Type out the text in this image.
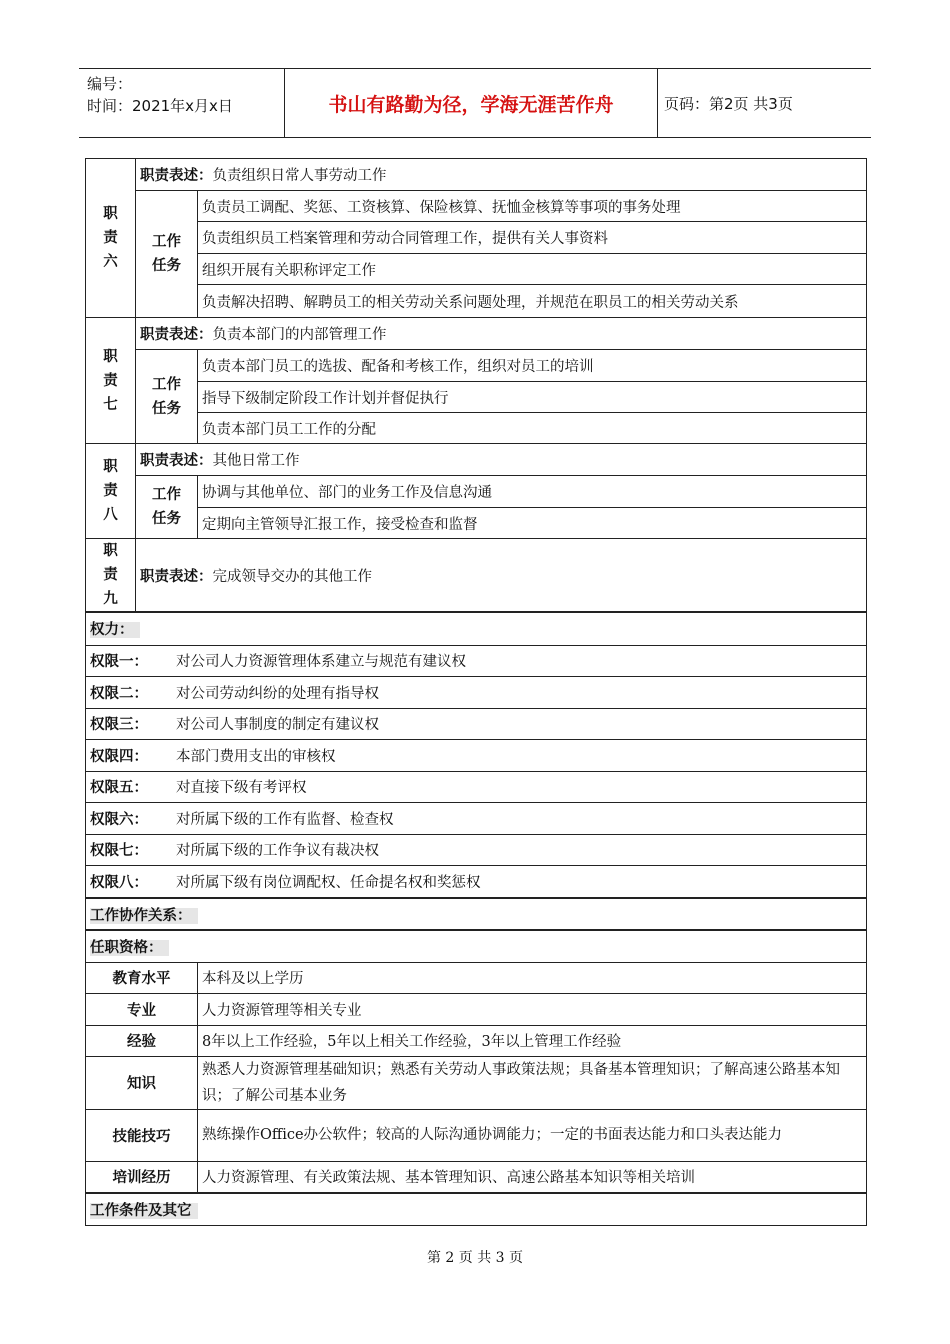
编号：
时间：2021年x月x日	书山有路勤为径，学海无涯苦作舟	页码：第2页 共3页
职
责
六	职责表述：负责组织日常人事劳动工作	
	工作
任务	负责员工调配、奖惩、工资核算、保险核算、抚恤金核算等事项的事务处理
		负责组织员工档案管理和劳动合同管理工作，提供有关人事资料
		组织开展有关职称评定工作
		负责解决招聘、解聘员工的相关劳动关系问题处理，并规范在职员工的相关劳动关系
职
责
七	职责表述：负责本部门的内部管理工作	
	工作
任务	负责本部门员工的选拔、配备和考核工作，组织对员工的培训
		指导下级制定阶段工作计划并督促执行
		负责本部门员工工作的分配
职
责
八	职责表述：其他日常工作	
	工作
任务	协调与其他单位、部门的业务工作及信息沟通
		定期向主管领导汇报工作，接受检查和监督
职
责
九	职责表述：完成领导交办的其他工作	
权力：		
权限一： 对公司人力资源管理体系建立与规范有建议权		
权限二： 对公司劳动纠纷的处理有指导权		
权限三： 对公司人事制度的制定有建议权		
权限四： 本部门费用支出的审核权		
权限五： 对直接下级有考评权		
权限六： 对所属下级的工作有监督、检查权		
权限七： 对所属下级的工作争议有裁决权		
权限八： 对所属下级有岗位调配权、任命提名权和奖惩权		
工作协作关系：		
任职资格：		
教育水平		本科及以上学历
专业		人力资源管理等相关专业
经验		8年以上工作经验，5年以上相关工作经验，3年以上管理工作经验
知识		熟悉人力资源管理基础知识；熟悉有关劳动人事政策法规；具备基本管理知识；了解高速公路基本知识；了解公司基本业务
技能技巧		熟练操作Office办公软件；较高的人际沟通协调能力；一定的书面表达能力和口头表达能力
培训经历		人力资源管理、有关政策法规、基本管理知识、高速公路基本知识等相关培训
工作条件及其它		
第 2 页 共 3 页
